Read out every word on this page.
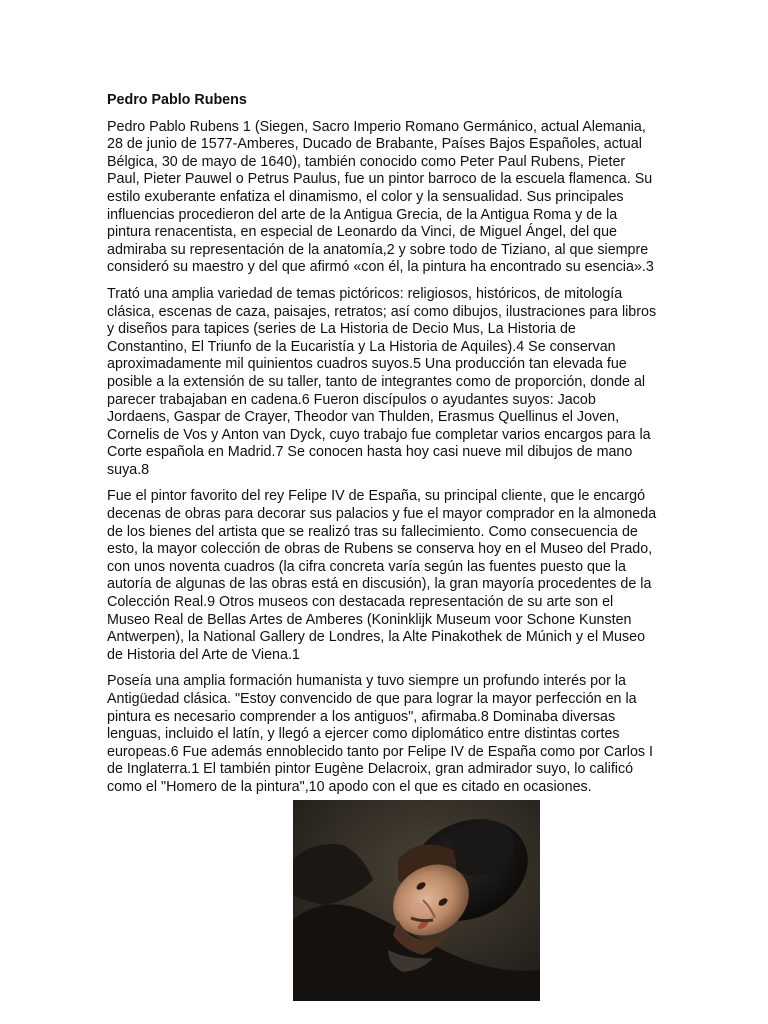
Pedro Pablo Rubens

Pedro Pablo Rubens 1 (Siegen, Sacro Imperio Romano Germánico, actual Alemania, 28 de junio de 1577-Amberes, Ducado de Brabante, Países Bajos Españoles, actual Bélgica, 30 de mayo de 1640), también conocido como Peter Paul Rubens, Pieter Paul, Pieter Pauwel o Petrus Paulus, fue un pintor barroco de la escuela flamenca. Su estilo exuberante enfatiza el dinamismo, el color y la sensualidad. Sus principales influencias procedieron del arte de la Antigua Grecia, de la Antigua Roma y de la pintura renacentista, en especial de Leonardo da Vinci, de Miguel Ángel, del que admiraba su representación de la anatomía,2 y sobre todo de Tiziano, al que siempre consideró su maestro y del que afirmó «con él, la pintura ha encontrado su esencia».3

Trató una amplia variedad de temas pictóricos: religiosos, históricos, de mitología clásica, escenas de caza, paisajes, retratos; así como dibujos, ilustraciones para libros y diseños para tapices (series de La Historia de Decio Mus, La Historia de Constantino, El Triunfo de la Eucaristía y La Historia de Aquiles).4 Se conservan aproximadamente mil quinientos cuadros suyos.5 Una producción tan elevada fue posible a la extensión de su taller, tanto de integrantes como de proporción, donde al parecer trabajaban en cadena.6 Fueron discípulos o ayudantes suyos: Jacob Jordaens, Gaspar de Crayer, Theodor van Thulden, Erasmus Quellinus el Joven, Cornelis de Vos y Anton van Dyck, cuyo trabajo fue completar varios encargos para la Corte española en Madrid.7 Se conocen hasta hoy casi nueve mil dibujos de mano suya.8

Fue el pintor favorito del rey Felipe IV de España, su principal cliente, que le encargó decenas de obras para decorar sus palacios y fue el mayor comprador en la almoneda de los bienes del artista que se realizó tras su fallecimiento. Como consecuencia de esto, la mayor colección de obras de Rubens se conserva hoy en el Museo del Prado, con unos noventa cuadros (la cifra concreta varía según las fuentes puesto que la autoría de algunas de las obras está en discusión), la gran mayoría procedentes de la Colección Real.9 Otros museos con destacada representación de su arte son el Museo Real de Bellas Artes de Amberes (Koninklijk Museum voor Schone Kunsten Antwerpen), la National Gallery de Londres, la Alte Pinakothek de Múnich y el Museo de Historia del Arte de Viena.1

Poseía una amplia formación humanista y tuvo siempre un profundo interés por la Antigüedad clásica. "Estoy convencido de que para lograr la mayor perfección en la pintura es necesario comprender a los antiguos", afirmaba.8 Dominaba diversas lenguas, incluido el latín, y llegó a ejercer como diplomático entre distintas cortes europeas.6 Fue además ennoblecido tanto por Felipe IV de España como por Carlos I de Inglaterra.1 El también pintor Eugène Delacroix, gran admirador suyo, lo calificó como el "Homero de la pintura",10 apodo con el que es citado en ocasiones.
